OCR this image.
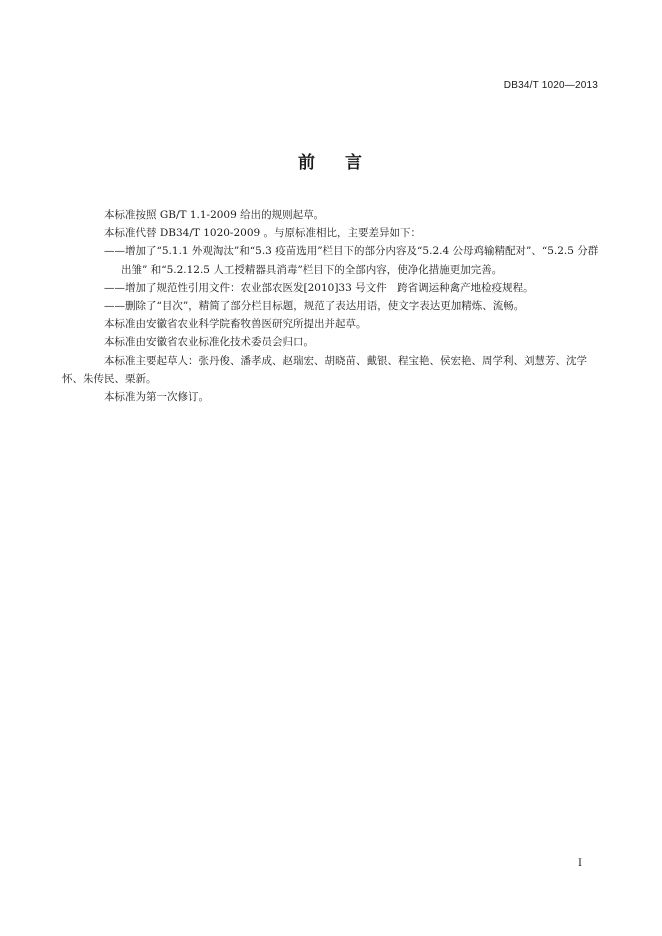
DB34/T 1020—2013
前 言

本标准按照 GB/T 1.1-2009 给出的规则起草。

本标准代替 DB34/T 1020-2009 。与原标准相比，主要差异如下：

——增加了“5.1.1 外观淘汰”和“5.3 疫苗选用”栏目下的部分内容及“5.2.4 公母鸡输精配对”、“5.2.5 分群出雏” 和“5.2.12.5 人工授精器具消毒”栏目下的全部内容，使净化措施更加完善。

——增加了规范性引用文件：农业部农医发[2010]33 号文件　跨省调运种禽产地检疫规程。

——删除了“目次”，精简了部分栏目标题，规范了表达用语，使文字表达更加精炼、流畅。

本标准由安徽省农业科学院畜牧兽医研究所提出并起草。

本标准由安徽省农业标准化技术委员会归口。

本标准主要起草人：张丹俊、潘孝成、赵瑞宏、胡晓苗、戴银、程宝艳、侯宏艳、周学利、刘慧芳、沈学怀、朱传民、栗新。

本标准为第一次修订。

I
